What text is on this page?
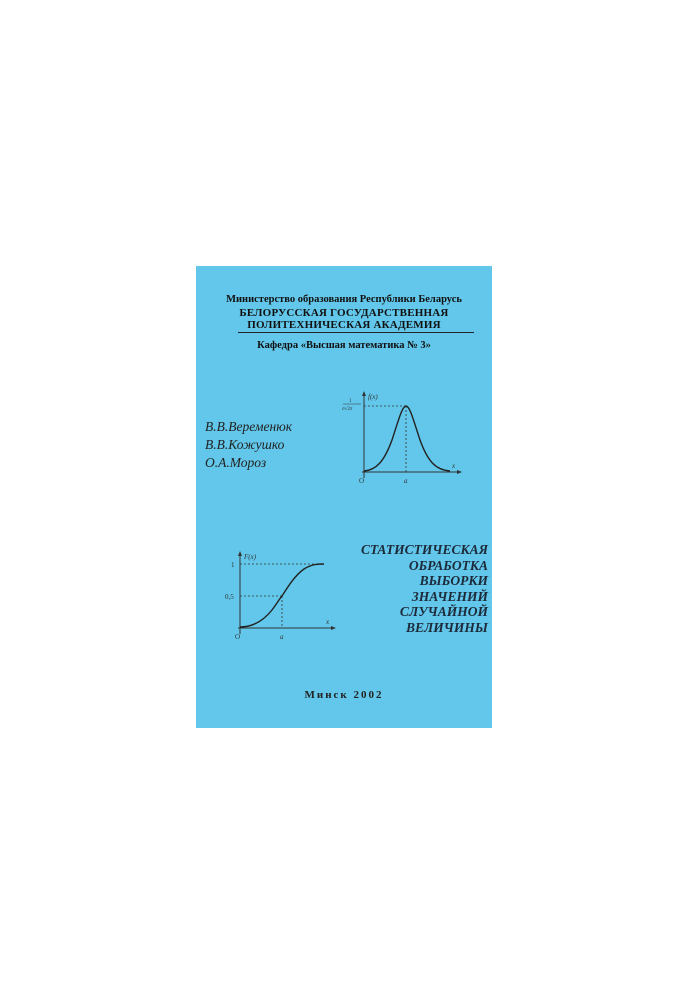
Министерство образования Республики Беларусь
БЕЛОРУССКАЯ ГОСУДАРСТВЕННАЯ
ПОЛИТЕХНИЧЕСКАЯ АКАДЕМИЯ
Кафедра «Высшая математика № 3»
В.В.Веременюк
В.В.Кожушко
О.А.Мороз
f(x)
x
O	a
1
σ√2π
F(x)
x
O	a
1
0,5
СТАТИСТИЧЕСКАЯ
ОБРАБОТКА
ВЫБОРКИ
ЗНАЧЕНИЙ
СЛУЧАЙНОЙ
ВЕЛИЧИНЫ
Минск 2002
